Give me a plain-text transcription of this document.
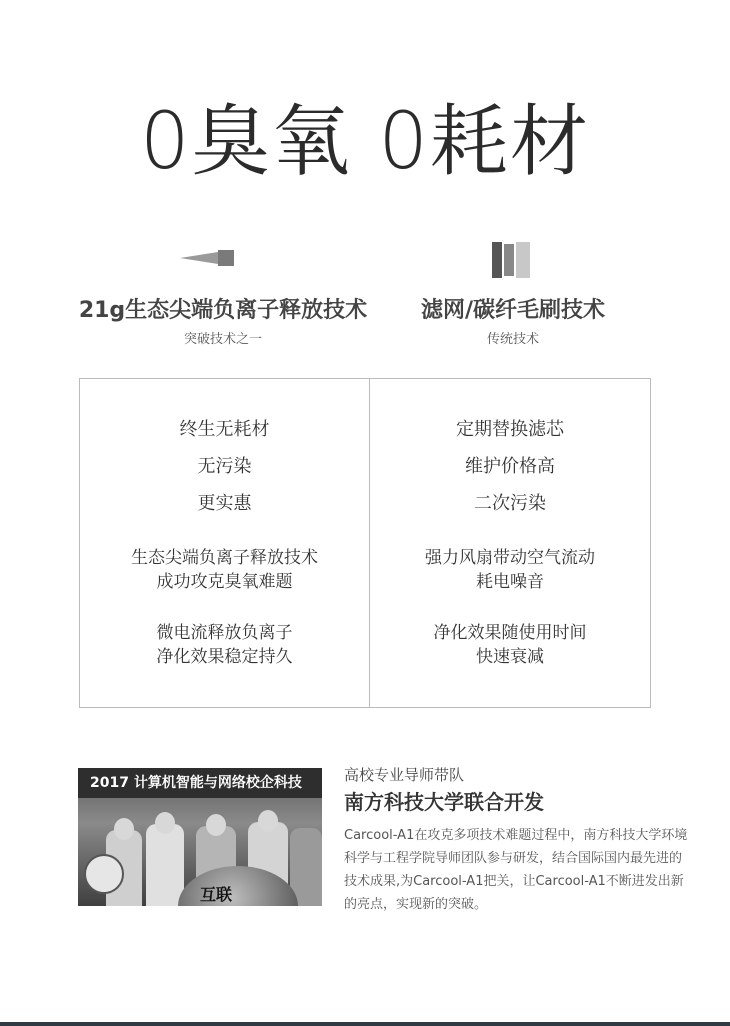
0臭氧 0耗材
21g生态尖端负离子释放技术
突破技术之一
滤网/碳纤毛刷技术
传统技术
终生无耗材
无污染
更实惠
生态尖端负离子释放技术
成功攻克臭氧难题
微电流释放负离子
净化效果稳定持久
定期替换滤芯
维护价格高
二次污染
强力风扇带动空气流动
耗电噪音
净化效果随使用时间
快速衰减
2017 计算机智能与网络校企科技
互联
高校专业导师带队
南方科技大学联合开发
Carcool-A1在攻克多项技术难题过程中，南方科技大学环境科学与工程学院导师团队参与研发，结合国际国内最先进的技术成果,为Carcool-A1把关，让Carcool-A1不断进发出新的亮点，实现新的突破。
